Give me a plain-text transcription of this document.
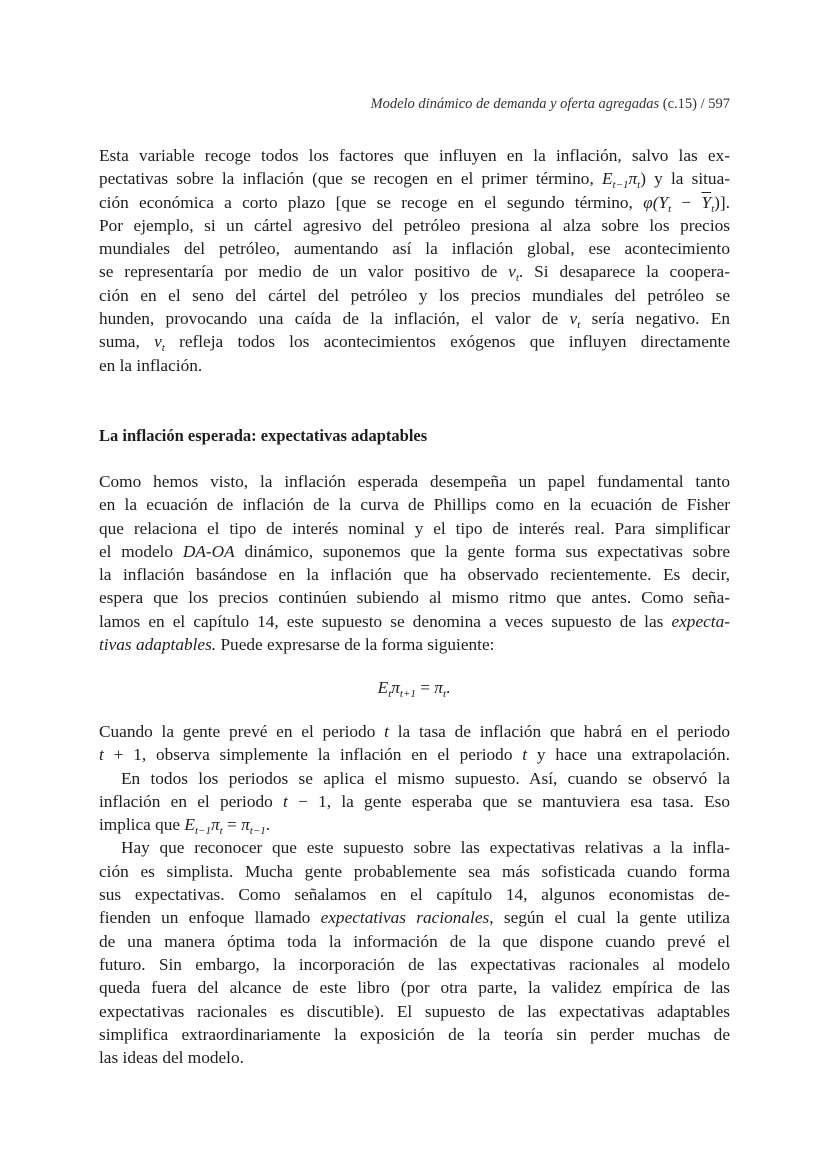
Modelo dinámico de demanda y oferta agregadas (c.15) / 597
Esta variable recoge todos los factores que influyen en la inflación, salvo las ex-
pectativas sobre la inflación (que se recogen en el primer término, $E_{t-1}\pi_t$) y la situa-
ción económica a corto plazo [que se recoge en el segundo término, $\varphi(Y_t - \overline{Y}_t)$].
Por ejemplo, si un cártel agresivo del petróleo presiona al alza sobre los precios
mundiales del petróleo, aumentando así la inflación global, ese acontecimiento
se representaría por medio de un valor positivo de $v_t$. Si desaparece la coopera-
ción en el seno del cártel del petróleo y los precios mundiales del petróleo se
hunden, provocando una caída de la inflación, el valor de $v_t$ sería negativo. En
suma, $v_t$ refleja todos los acontecimientos exógenos que influyen directamente
en la inflación.
La inflación esperada: expectativas adaptables
Como hemos visto, la inflación esperada desempeña un papel fundamental tanto
en la ecuación de inflación de la curva de Phillips como en la ecuación de Fisher
que relaciona el tipo de interés nominal y el tipo de interés real. Para simplificar
el modelo DA-OA dinámico, suponemos que la gente forma sus expectativas sobre
la inflación basándose en la inflación que ha observado recientemente. Es decir,
espera que los precios continúen subiendo al mismo ritmo que antes. Como seña-
lamos en el capítulo 14, este supuesto se denomina a veces supuesto de las expecta-
tivas adaptables. Puede expresarse de la forma siguiente:
$E_t\pi_{t+1} = \pi_t$.
Cuando la gente prevé en el periodo t la tasa de inflación que habrá en el periodo
t + 1, observa simplemente la inflación en el periodo t y hace una extrapolación.
En todos los periodos se aplica el mismo supuesto. Así, cuando se observó la
inflación en el periodo t − 1, la gente esperaba que se mantuviera esa tasa. Eso
implica que $E_{t-1}\pi_t = \pi_{t-1}$.
Hay que reconocer que este supuesto sobre las expectativas relativas a la infla-
ción es simplista. Mucha gente probablemente sea más sofisticada cuando forma
sus expectativas. Como señalamos en el capítulo 14, algunos economistas de-
fienden un enfoque llamado expectativas racionales, según el cual la gente utiliza
de una manera óptima toda la información de la que dispone cuando prevé el
futuro. Sin embargo, la incorporación de las expectativas racionales al modelo
queda fuera del alcance de este libro (por otra parte, la validez empírica de las
expectativas racionales es discutible). El supuesto de las expectativas adaptables
simplifica extraordinariamente la exposición de la teoría sin perder muchas de
las ideas del modelo.
